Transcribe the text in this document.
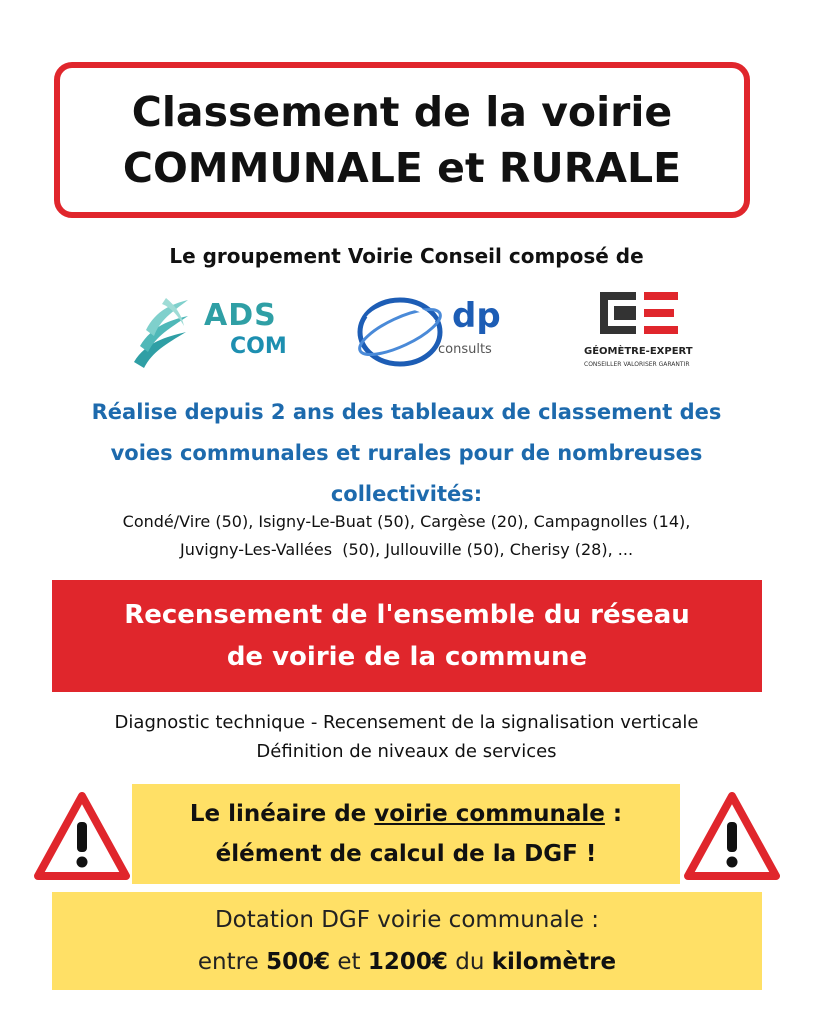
Classement de la voirie
COMMUNALE et RURALE
Le groupement Voirie Conseil composé de
ADS
COM
dp
consults	GÉOMÈTRE-EXPERT
CONSEILLER VALORISER GARANTIR
Réalise depuis 2 ans des tableaux de classement des
voies communales et rurales pour de nombreuses
collectivités:
Condé/Vire (50), Isigny-Le-Buat (50), Cargèse (20), Campagnolles (14),
Juvigny-Les-Vallées  (50), Jullouville (50), Cherisy (28), ...
Recensement de l'ensemble du réseau
de voirie de la commune
Diagnostic technique - Recensement de la signalisation verticale
Définition de niveaux de services
Le linéaire de voirie communale :
élément de calcul de la DGF !
Dotation DGF voirie communale :
entre 500€ et 1200€ du kilomètre
